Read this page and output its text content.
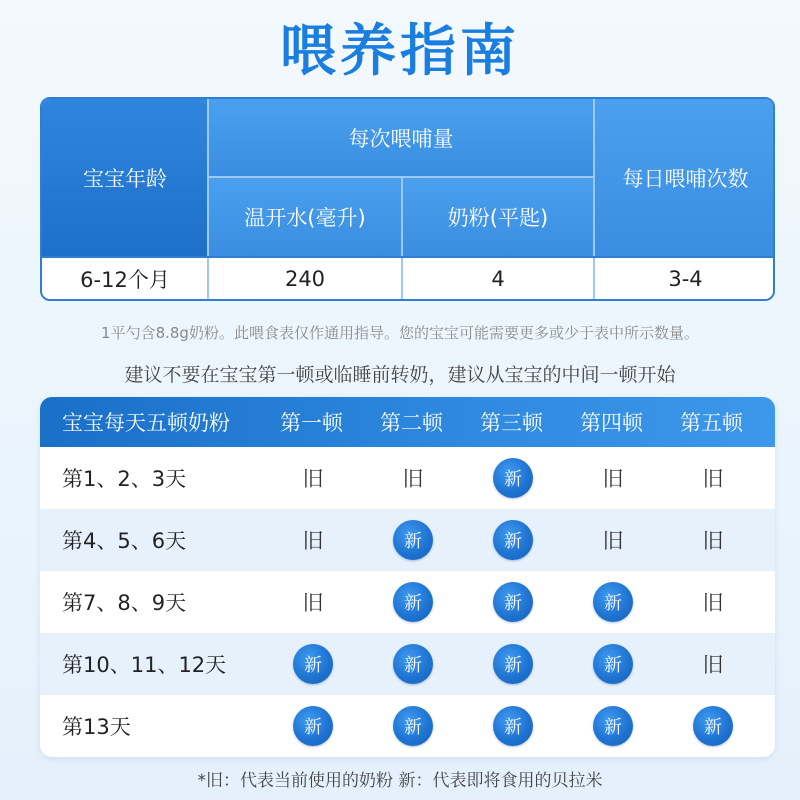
喂养指南
宝宝年龄
每次喂哺量
温开水(毫升)	奶粉(平匙)
每日喂哺次数
6-12个月	240	4	3-4
1平勺含8.8g奶粉。此喂食表仅作通用指导。您的宝宝可能需要更多或少于表中所示数量。
建议不要在宝宝第一顿或临睡前转奶，建议从宝宝的中间一顿开始
宝宝每天五顿奶粉 第一顿 第二顿 第三顿 第四顿 第五顿
第1、2、3天	旧	旧	新	旧	旧
第4、5、6天	旧	新	新	旧	旧
第7、8、9天	旧	新	新	新	旧
第10、11、12天	新	新	新	新	旧
第13天	新	新	新	新	新
*旧：代表当前使用的奶粉 新：代表即将食用的贝拉米
